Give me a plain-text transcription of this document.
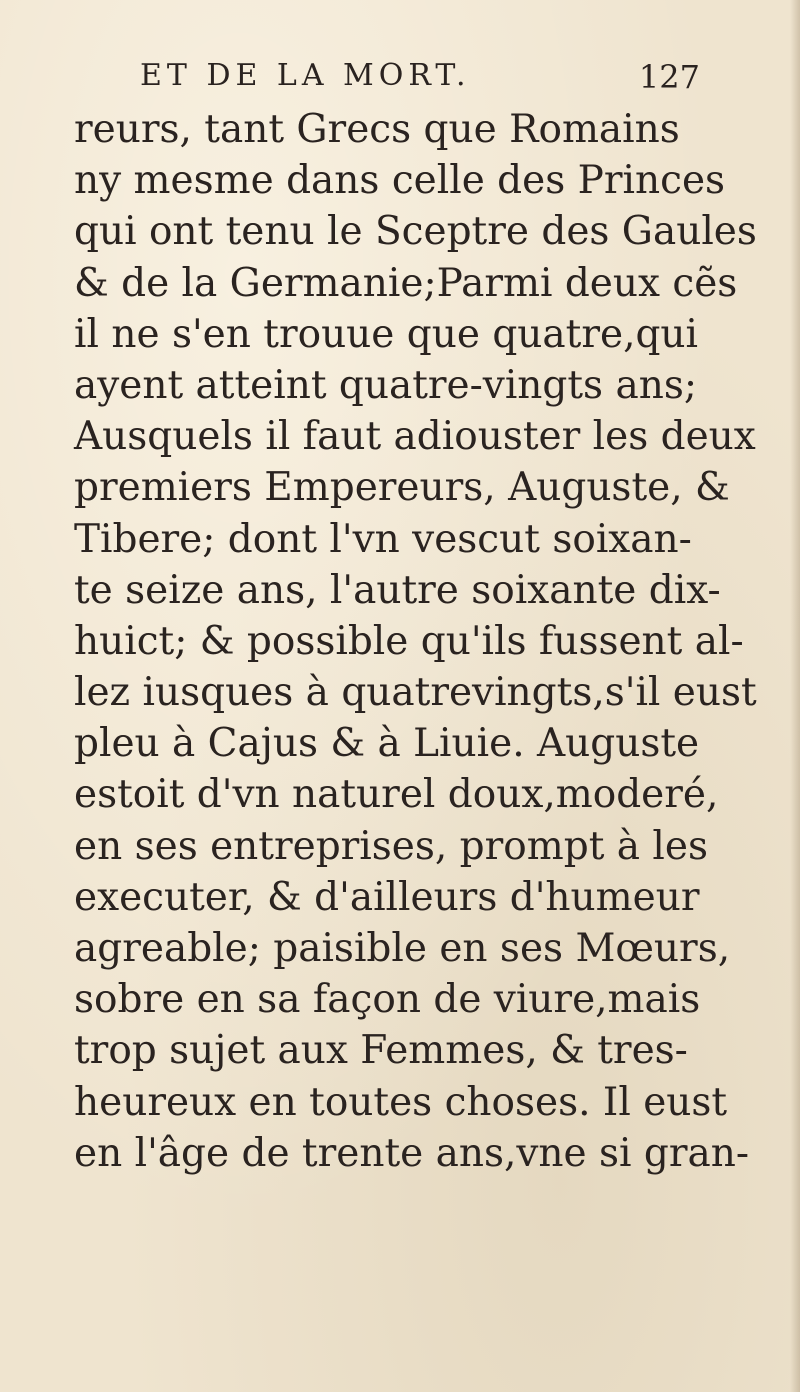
ET DE LA MORT.	127
reurs, tant Grecs que Romains
ny mesme dans celle des Princes
qui ont tenu le Sceptre des Gaules
& de la Germanie;Parmi deux cẽs
il ne s'en trouue que quatre,qui
ayent atteint quatre-vingts ans;
Ausquels il faut adiouster les deux
premiers Empereurs, Auguste, &
Tibere; dont l'vn vescut soixan-
te seize ans, l'autre soixante dix-
huict; & possible qu'ils fussent al-
lez iusques à quatrevingts,s'il eust
pleu à Cajus & à Liuie. Auguste
estoit d'vn naturel doux,moderé,
en ses entreprises, prompt à les
executer, & d'ailleurs d'humeur
agreable; paisible en ses Mœurs,
sobre en sa façon de viure,mais
trop sujet aux Femmes, & tres-
heureux en toutes choses. Il eust
en l'âge de trente ans,vne si gran-
